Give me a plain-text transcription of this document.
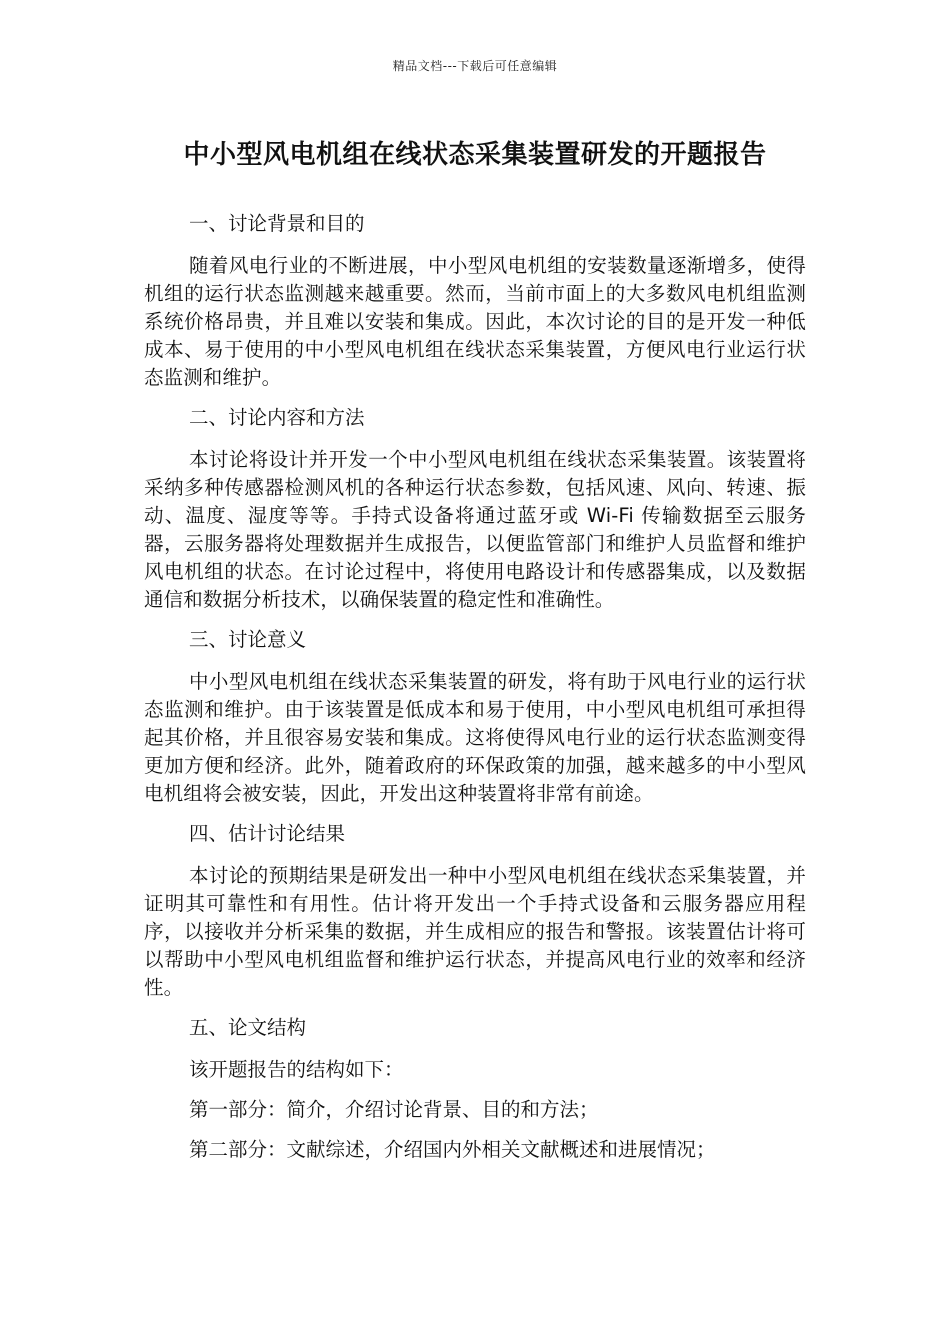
精品文档---下载后可任意编辑
中小型风电机组在线状态采集装置研发的开题报告
一、讨论背景和目的

随着风电行业的不断进展，中小型风电机组的安装数量逐渐增多，使得机组的运行状态监测越来越重要。然而，当前市面上的大多数风电机组监测系统价格昂贵，并且难以安装和集成。因此，本次讨论的目的是开发一种低成本、易于使用的中小型风电机组在线状态采集装置，方便风电行业运行状态监测和维护。

二、讨论内容和方法

本讨论将设计并开发一个中小型风电机组在线状态采集装置。该装置将采纳多种传感器检测风机的各种运行状态参数，包括风速、风向、转速、振动、温度、湿度等等。手持式设备将通过蓝牙或 Wi-Fi 传输数据至云服务器，云服务器将处理数据并生成报告，以便监管部门和维护人员监督和维护风电机组的状态。在讨论过程中，将使用电路设计和传感器集成，以及数据通信和数据分析技术，以确保装置的稳定性和准确性。

三、讨论意义

中小型风电机组在线状态采集装置的研发，将有助于风电行业的运行状态监测和维护。由于该装置是低成本和易于使用，中小型风电机组可承担得起其价格，并且很容易安装和集成。这将使得风电行业的运行状态监测变得更加方便和经济。此外，随着政府的环保政策的加强，越来越多的中小型风电机组将会被安装，因此，开发出这种装置将非常有前途。

四、估计讨论结果

本讨论的预期结果是研发出一种中小型风电机组在线状态采集装置，并证明其可靠性和有用性。估计将开发出一个手持式设备和云服务器应用程序，以接收并分析采集的数据，并生成相应的报告和警报。该装置估计将可以帮助中小型风电机组监督和维护运行状态，并提高风电行业的效率和经济性。

五、论文结构
该开题报告的结构如下：
第一部分：简介，介绍讨论背景、目的和方法；
第二部分：文献综述，介绍国内外相关文献概述和进展情况；
